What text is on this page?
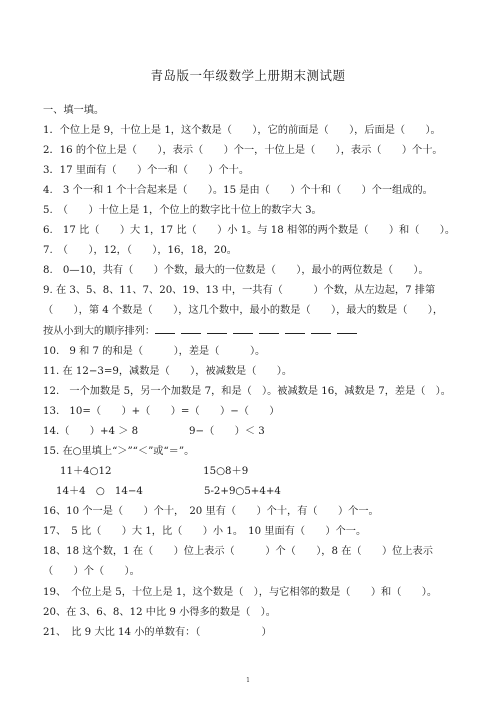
青岛版一年级数学上册期末测试题
一、填一填。
1．个位上是 9，十位上是 1，这个数是（　　），它的前面是（　　），后面是（　　）。
2．16 的个位上是（　　），表示（　　）个一，十位上是（　　），表示（　　）个十。
3．17 里面有（　　）个一和（　　）个十。
4.　3 个一和 1 个十合起来是（　　）。15 是由（　　）个十和（　　）个一组成的。
5.　（　　）十位上是 1，个位上的数字比十位上的数字大 3。
6.　17 比（　　）大 1，17 比（　　）小 1。与 18 相邻的两个数是（　　）和（　　）。
7.　（　　），12，（　　），16，18，20。
8.　0—10，共有（　　）个数，最大的一位数是（　　），最小的两位数是（　　）。
9. 在 3、5、8、11、7、20、19、13 中，一共有（　　　）个数，从左边起，7 排第
（　　），第 4 个数是（　　），这几个数中，最小的数是（　　），最大的数是（　　），
按从小到大的顺序排列：
10.　9 和 7 的和是（　　　），差是（　　　）。
11. 在 12−3=9，减数是（　　），被减数是（　　）。
12.　一个加数是 5，另一个加数是 7，和是（　）。被减数是 16，减数是 7，差是（　）。
13.　10=（　　）+（　　）=（　　）−（　　）
14.（　　）+4 ＞ 8　　　　　9−（　　）＜ 3
15. 在○里填上“＞”“＜”或“＝”。
11＋4○12　　　　　　　　　15○8＋9
14＋4　○　14−4　　　　　　5-2+9○5+4+4
16、10 个一是（　　）个十，　20 里有（　　）个十，有（　　）个一。
17、　5 比（　　）大 1，比（　　）小 1。　10 里面有（　　）个一。
18、18 这个数，1 在（　　）位上表示（　　　）个（　　），8 在（　　）位上表示
（　　）个（　　）。
19、　个位上是 5，十位上是 1，这个数是（　），与它相邻的数是（　　）和（　　）。
20、在 3、6、8、12 中比 9 小得多的数是（　）。
21、　比 9 大比 14 小的单数有：（　　　　　　）
1
